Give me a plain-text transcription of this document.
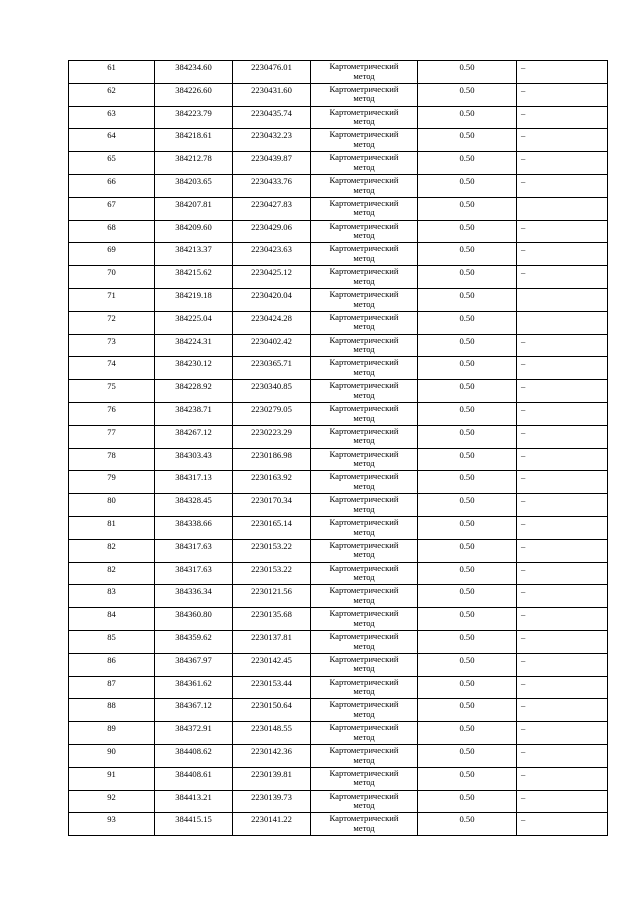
61	384234.60	2230476.01	Картометрический
метод	0.50	–

62	384226.60	2230431.60	Картометрический
метод	0.50	–

63	384223.79	2230435.74	Картометрический
метод	0.50	–

64	384218.61	2230432.23	Картометрический
метод	0.50	–

65	384212.78	2230439.87	Картометрический
метод	0.50	–

66	384203.65	2230433.76	Картометрический
метод	0.50	–

67	384207.81	2230427.83	Картометрический
метод	0.50	

68	384209.60	2230429.06	Картометрический
метод	0.50	–

69	384213.37	2230423.63	Картометрический
метод	0.50	–

70	384215.62	2230425.12	Картометрический
метод	0.50	–

71	384219.18	2230420.04	Картометрический
метод	0.50	

72	384225.04	2230424.28	Картометрический
метод	0.50	

73	384224.31	2230402.42	Картометрический
метод	0.50	–

74	384230.12	2230365.71	Картометрический
метод	0.50	–

75	384228.92	2230340.85	Картометрический
метод	0.50	–

76	384238.71	2230279.05	Картометрический
метод	0.50	–

77	384267.12	2230223.29	Картометрический
метод	0.50	–

78	384303.43	2230186.98	Картометрический
метод	0.50	–

79	384317.13	2230163.92	Картометрический
метод	0.50	–

80	384328.45	2230170.34	Картометрический
метод	0.50	–

81	384338.66	2230165.14	Картометрический
метод	0.50	–

82	384317.63	2230153.22	Картометрический
метод	0.50	–

82	384317.63	2230153.22	Картометрический
метод	0.50	–

83	384336.34	2230121.56	Картометрический
метод	0.50	–

84	384360.80	2230135.68	Картометрический
метод	0.50	–

85	384359.62	2230137.81	Картометрический
метод	0.50	–

86	384367.97	2230142.45	Картометрический
метод	0.50	–

87	384361.62	2230153.44	Картометрический
метод	0.50	–

88	384367.12	2230150.64	Картометрический
метод	0.50	–

89	384372.91	2230148.55	Картометрический
метод	0.50	–

90	384408.62	2230142.36	Картометрический
метод	0.50	–

91	384408.61	2230139.81	Картометрический
метод	0.50	–

92	384413.21	2230139.73	Картометрический
метод	0.50	–

93	384415.15	2230141.22	Картометрический
метод	0.50	–
